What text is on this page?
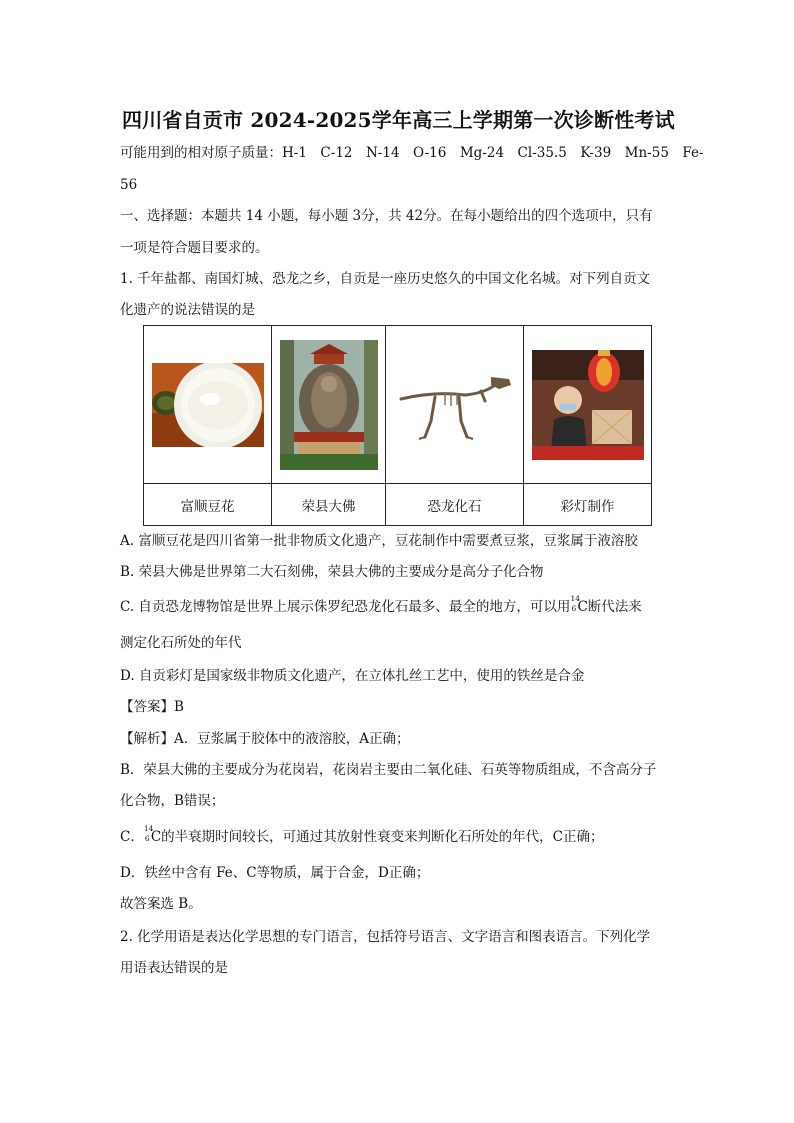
四川省自贡市 2024-2025学年高三上学期第一次诊断性考试
可能用到的相对原子质量：H-1　C-12　N-14　O-16　Mg-24　Cl-35.5　K-39　Mn-55　Fe-
56
一、选择题：本题共 14 小题，每小题 3分，共 42分。在每小题给出的四个选项中，只有
一项是符合题目要求的。
1. 千年盐都、南国灯城、恐龙之乡，自贡是一座历史悠久的中国文化名城。对下列自贡文
化遗产的说法错误的是

富顺豆花	荣县大佛	恐龙化石	彩灯制作
A. 富顺豆花是四川省第一批非物质文化遗产，豆花制作中需要煮豆浆，豆浆属于液溶胶
B. 荣县大佛是世界第二大石刻佛，荣县大佛的主要成分是高分子化合物
C. 自贡恐龙博物馆是世界上展示侏罗纪恐龙化石最多、最全的地方，可以用
14
6 C断代法来
测定化石所处的年代
D. 自贡彩灯是国家级非物质文化遗产，在立体扎丝工艺中，使用的铁丝是合金
【答案】B
【解析】A．豆浆属于胶体中的液溶胶，A正确；
B．荣县大佛的主要成分为花岗岩，花岗岩主要由二氧化硅、石英等物质组成，不含高分子
化合物，B错误；
C．
14
6 C的半衰期时间较长，可通过其放射性衰变来判断化石所处的年代，C正确；
D．铁丝中含有 Fe、C等物质，属于合金，D正确；
故答案选 B。
2. 化学用语是表达化学思想的专门语言，包括符号语言、文字语言和图表语言。下列化学
用语表达错误的是
